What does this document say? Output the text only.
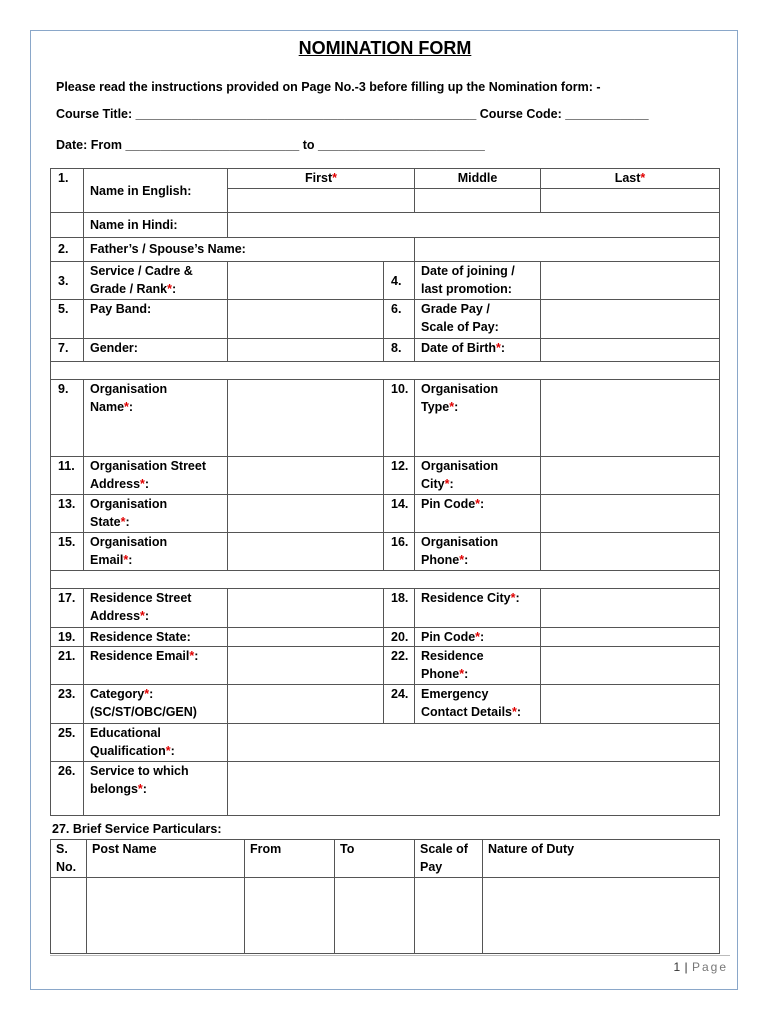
NOMINATION FORM
Please read the instructions provided on Page No.-3 before filling up the Nomination form: -
Course Title: _________________________________________________ Course Code: ____________
Date: From _________________________ to ________________________
1.	Name in English:	First*		Middle	Last*

	Name in Hindi:				
2.	Father’s / Spouse’s Name:				
3.	Service / Cadre &
Grade / Rank*:		4.	Date of joining /
last promotion:	
5.	Pay Band:		6.	Grade Pay /
Scale of Pay:	
7.	Gender:		8.	Date of Birth*:	

9.	Organisation
Name*:		10.	Organisation
Type*:	
11.	Organisation Street
Address*:		12.	Organisation
City*:	
13.	Organisation
State*:		14.	Pin Code*:	
15.	Organisation
Email*:		16.	Organisation
Phone*:	

17.	Residence Street
Address*:		18.	Residence City*:	
19.	Residence State:		20.	Pin Code*:	
21.	Residence Email*:		22.	Residence
Phone*:	
23.	Category*:
(SC/ST/OBC/GEN)		24.	Emergency
Contact Details*:	
25.	Educational
Qualification*:				
26.	Service to which
belongs*:				
27. Brief Service Particulars:
S.
No.	Post Name	From	To	Scale of
Pay	Nature of Duty

1 | Page
